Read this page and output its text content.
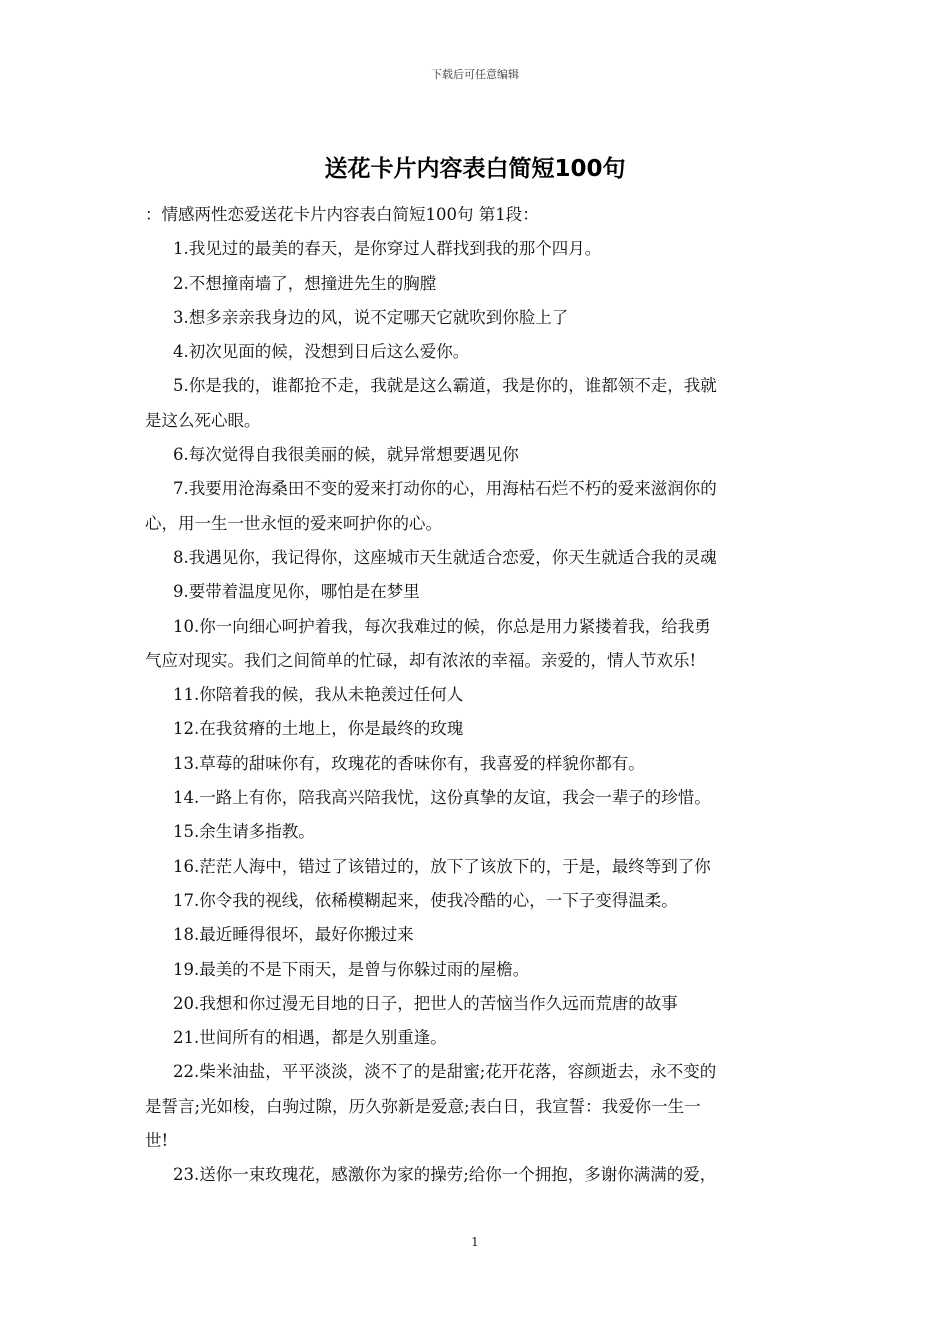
下载后可任意编辑
送花卡片内容表白简短100句
：情感两性恋爱送花卡片内容表白简短100句 第1段：
1.我见过的最美的春天，是你穿过人群找到我的那个四月。
2.不想撞南墙了，想撞进先生的胸膛
3.想多亲亲我身边的风，说不定哪天它就吹到你脸上了
4.初次见面的候，没想到日后这么爱你。
5.你是我的，谁都抢不走，我就是这么霸道，我是你的，谁都领不走，我就
是这么死心眼。
6.每次觉得自我很美丽的候，就异常想要遇见你
7.我要用沧海桑田不变的爱来打动你的心，用海枯石烂不朽的爱来滋润你的
心，用一生一世永恒的爱来呵护你的心。
8.我遇见你，我记得你，这座城市天生就适合恋爱，你天生就适合我的灵魂
9.要带着温度见你，哪怕是在梦里
10.你一向细心呵护着我，每次我难过的候，你总是用力紧搂着我，给我勇
气应对现实。我们之间简单的忙碌，却有浓浓的幸福。亲爱的，情人节欢乐!
11.你陪着我的候，我从未艳羡过任何人
12.在我贫瘠的土地上，你是最终的玫瑰
13.草莓的甜味你有，玫瑰花的香味你有，我喜爱的样貌你都有。
14.一路上有你，陪我高兴陪我忧，这份真挚的友谊，我会一辈子的珍惜。
15.余生请多指教。
16.茫茫人海中，错过了该错过的，放下了该放下的，于是，最终等到了你
17.你令我的视线，依稀模糊起来，使我冷酷的心，一下子变得温柔。
18.最近睡得很坏，最好你搬过来
19.最美的不是下雨天，是曾与你躲过雨的屋檐。
20.我想和你过漫无目地的日子，把世人的苦恼当作久远而荒唐的故事
21.世间所有的相遇，都是久别重逢。
22.柴米油盐，平平淡淡，淡不了的是甜蜜;花开花落，容颜逝去，永不变的
是誓言;光如梭，白驹过隙，历久弥新是爱意;表白日，我宣誓：我爱你一生一
世!
23.送你一束玫瑰花，感激你为家的操劳;给你一个拥抱，多谢你满满的爱，
1
